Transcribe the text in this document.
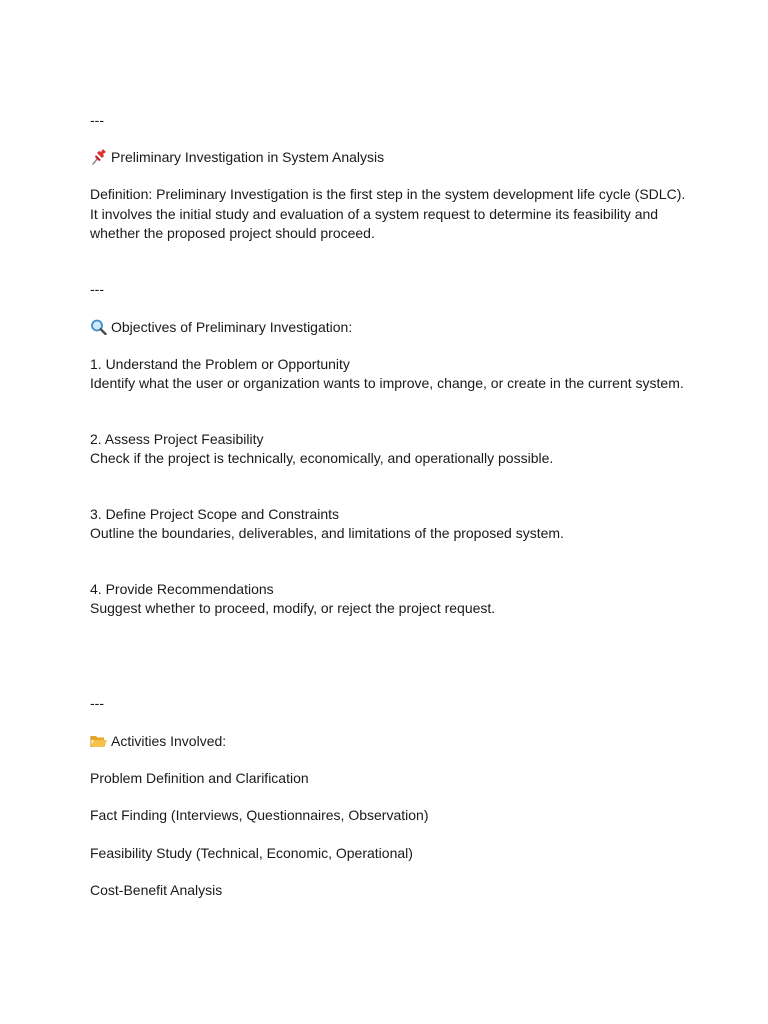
---

Preliminary Investigation in System Analysis

Definition: Preliminary Investigation is the first step in the system development life cycle (SDLC).
It involves the initial study and evaluation of a system request to determine its feasibility and
whether the proposed project should proceed.

---

Objectives of Preliminary Investigation:

1. Understand the Problem or Opportunity

Identify what the user or organization wants to improve, change, or create in the current system.

2. Assess Project Feasibility

Check if the project is technically, economically, and operationally possible.

3. Define Project Scope and Constraints

Outline the boundaries, deliverables, and limitations of the proposed system.

4. Provide Recommendations

Suggest whether to proceed, modify, or reject the project request.

---

Activities Involved:

Problem Definition and Clarification

Fact Finding (Interviews, Questionnaires, Observation)

Feasibility Study (Technical, Economic, Operational)

Cost-Benefit Analysis
